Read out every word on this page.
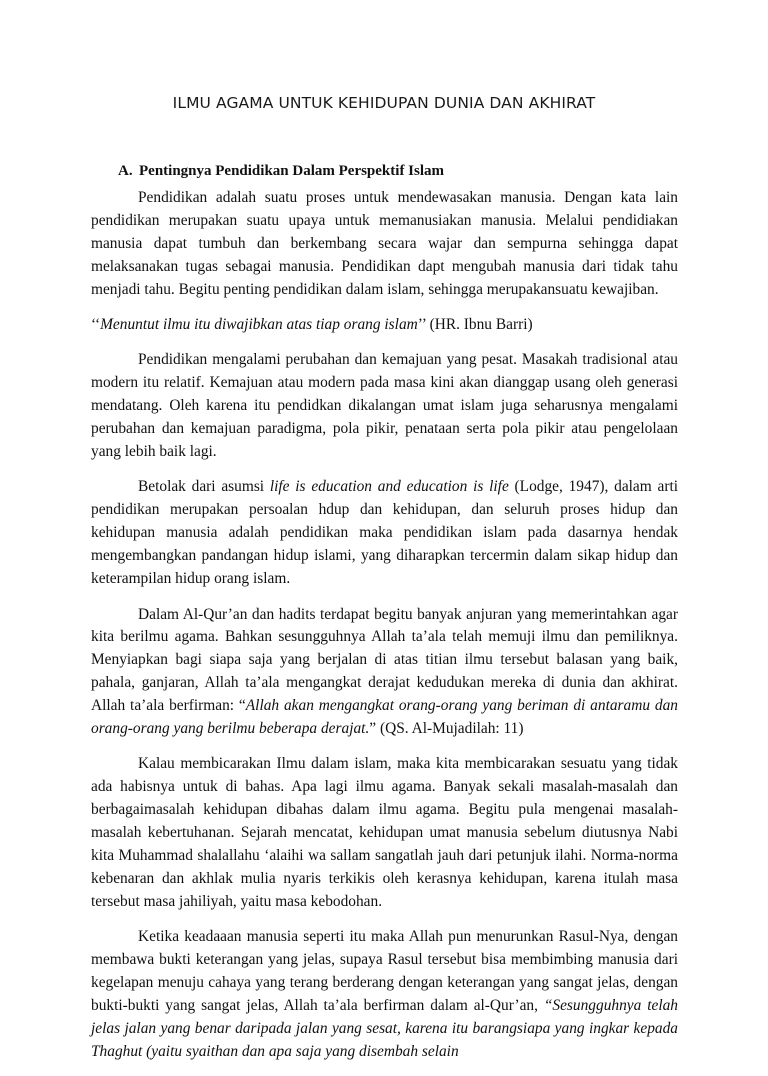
ILMU AGAMA UNTUK KEHIDUPAN DUNIA DAN AKHIRAT
A. Pentingnya Pendidikan Dalam Perspektif Islam

Pendidikan adalah suatu proses untuk mendewasakan manusia. Dengan kata lain pendidikan merupakan suatu upaya untuk memanusiakan manusia. Melalui pendidiakan manusia dapat tumbuh dan berkembang secara wajar dan sempurna sehingga dapat melaksanakan tugas sebagai manusia. Pendidikan dapt mengubah manusia dari tidak tahu menjadi tahu. Begitu penting pendidikan dalam islam, sehingga merupakansuatu kewajiban.

‘‘Menuntut ilmu itu diwajibkan atas tiap orang islam’’ (HR. Ibnu Barri)

Pendidikan mengalami perubahan dan kemajuan yang pesat. Masakah tradisional atau modern itu relatif. Kemajuan atau modern pada masa kini akan dianggap usang oleh generasi mendatang. Oleh karena itu pendidkan dikalangan umat islam juga seharusnya mengalami perubahan dan kemajuan paradigma, pola pikir, penataan serta pola pikir atau pengelolaan yang lebih baik lagi.

Betolak dari asumsi life is education and education is life (Lodge, 1947), dalam arti pendidikan merupakan persoalan hdup dan kehidupan, dan seluruh proses hidup dan kehidupan manusia adalah pendidikan maka pendidikan islam pada dasarnya hendak mengembangkan pandangan hidup islami, yang diharapkan tercermin dalam sikap hidup dan keterampilan hidup orang islam.

Dalam Al-Qur’an dan hadits terdapat begitu banyak anjuran yang memerintahkan agar kita berilmu agama. Bahkan sesungguhnya Allah ta’ala telah memuji ilmu dan pemiliknya. Menyiapkan bagi siapa saja yang berjalan di atas titian ilmu tersebut balasan yang baik, pahala, ganjaran, Allah ta’ala mengangkat derajat kedudukan mereka di dunia dan akhirat. Allah ta’ala berfirman: “Allah akan mengangkat orang-orang yang beriman di antaramu dan orang-orang yang berilmu beberapa derajat.” (QS. Al-Mujadilah: 11)

Kalau membicarakan Ilmu dalam islam, maka kita membicarakan sesuatu yang tidak ada habisnya untuk di bahas. Apa lagi ilmu agama. Banyak sekali masalah-masalah dan berbagaimasalah kehidupan dibahas dalam ilmu agama. Begitu pula mengenai masalah-masalah kebertuhanan. Sejarah mencatat, kehidupan umat manusia sebelum diutusnya Nabi kita Muhammad shalallahu ‘alaihi wa sallam sangatlah jauh dari petunjuk ilahi. Norma-norma kebenaran dan akhlak mulia nyaris terkikis oleh kerasnya kehidupan, karena itulah masa tersebut masa jahiliyah, yaitu masa kebodohan.

Ketika keadaaan manusia seperti itu maka Allah pun menurunkan Rasul-Nya, dengan membawa bukti keterangan yang jelas, supaya Rasul tersebut bisa membimbing manusia dari kegelapan menuju cahaya yang terang berderang dengan keterangan yang sangat jelas, dengan bukti-bukti yang sangat jelas, Allah ta’ala berfirman dalam al-Qur’an, “Sesungguhnya telah jelas jalan yang benar daripada jalan yang sesat, karena itu barangsiapa yang ingkar kepada Thaghut (yaitu syaithan dan apa saja yang disembah selain
